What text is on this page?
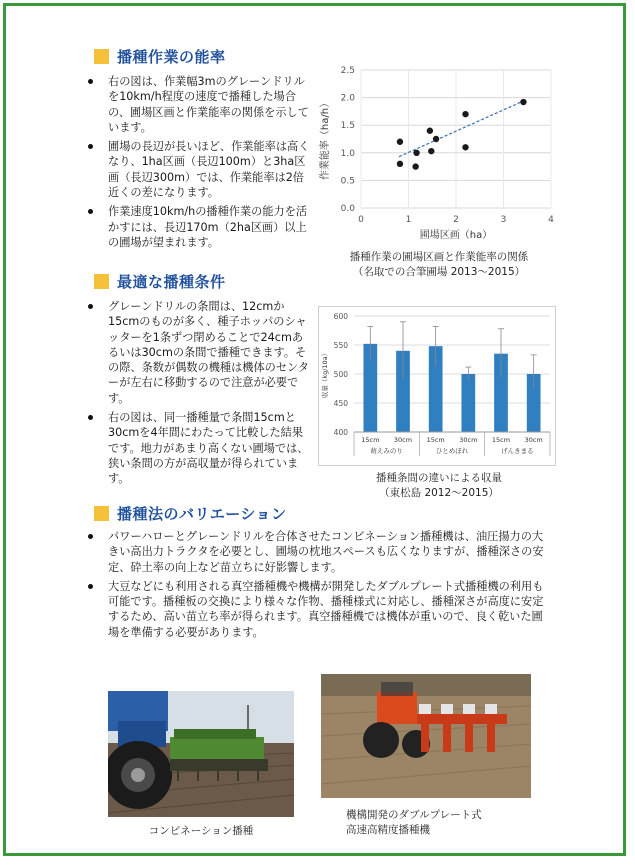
播種作業の能率
右の図は、作業幅3mのグレーンドリルを10km/h程度の速度で播種した場合の、圃場区画と作業能率の関係を示しています。
圃場の長辺が長いほど、作業能率は高くなり、1ha区画（長辺100m）と3ha区画（長辺300m）では、作業能率は2倍近くの差になります。
作業速度10km/hの播種作業の能力を活かすには、長辺170m（2ha区画）以上の圃場が望まれます。
0.0
0.5
1.0
1.5
2.0
2.5
0	1	2	3	4
圃場区画（ha）
作業能率（ha/h）
播種作業の圃場区画と作業能率の関係
（名取での合筆圃場 2013～2015）
最適な播種条件
グレーンドリルの条間は、12cmか15cmのものが多く、種子ホッパのシャッターを1条ずつ閉めることで24cmあるいは30cmの条間で播種できます。その際、条数が偶数の機種は機体のセンターが左右に移動するので注意が必要です。
右の図は、同一播種量で条間15cmと30cmを4年間にわたって比較した結果です。地力があまり高くない圃場では、狭い条間の方が高収量が得られています。
400
450
500
550
600
15cm 30cm 15cm 30cm 15cm 30cm
萌えみのり	ひとめぼれ	げんきまる
収量（kg/10a）
播種条間の違いによる収量
（東松島 2012～2015）
播種法のバリエーション
パワーハローとグレーンドリルを合体させたコンビネーション播種機は、油圧揚力の大きい高出力トラクタを必要とし、圃場の枕地スペースも広くなりますが、播種深さの安定、砕土率の向上など苗立ちに好影響します。
大豆などにも利用される真空播種機や機構が開発したダブルプレート式播種機の利用も可能です。播種板の交換により様々な作物、播種様式に対応し、播種深さが高度に安定するため、高い苗立ち率が得られます。真空播種機では機体が重いので、良く乾いた圃場を準備する必要があります。
コンビネーション播種
機構開発のダブルプレート式
高速高精度播種機
